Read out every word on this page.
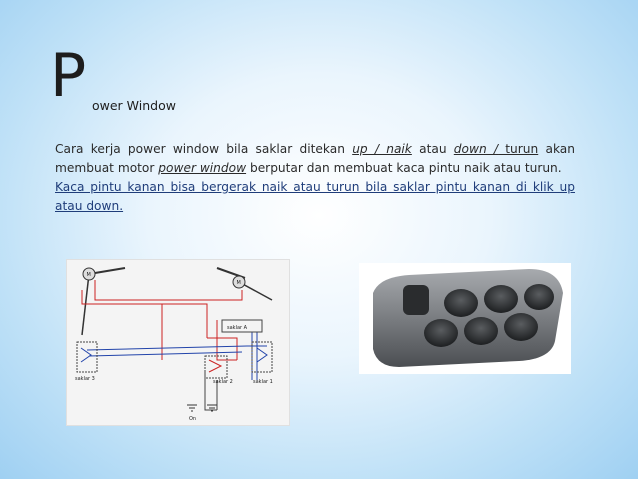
P ower Window

Cara kerja power window bila saklar ditekan up / naik atau down / turun akan membuat motor power window berputar dan membuat kaca pintu naik atau turun.

Kaca pintu kanan bisa bergerak naik atau turun bila saklar pintu kanan di klik up atau down.

M
M
saklar A
saklar 3	saklar 2	saklar 1
On
